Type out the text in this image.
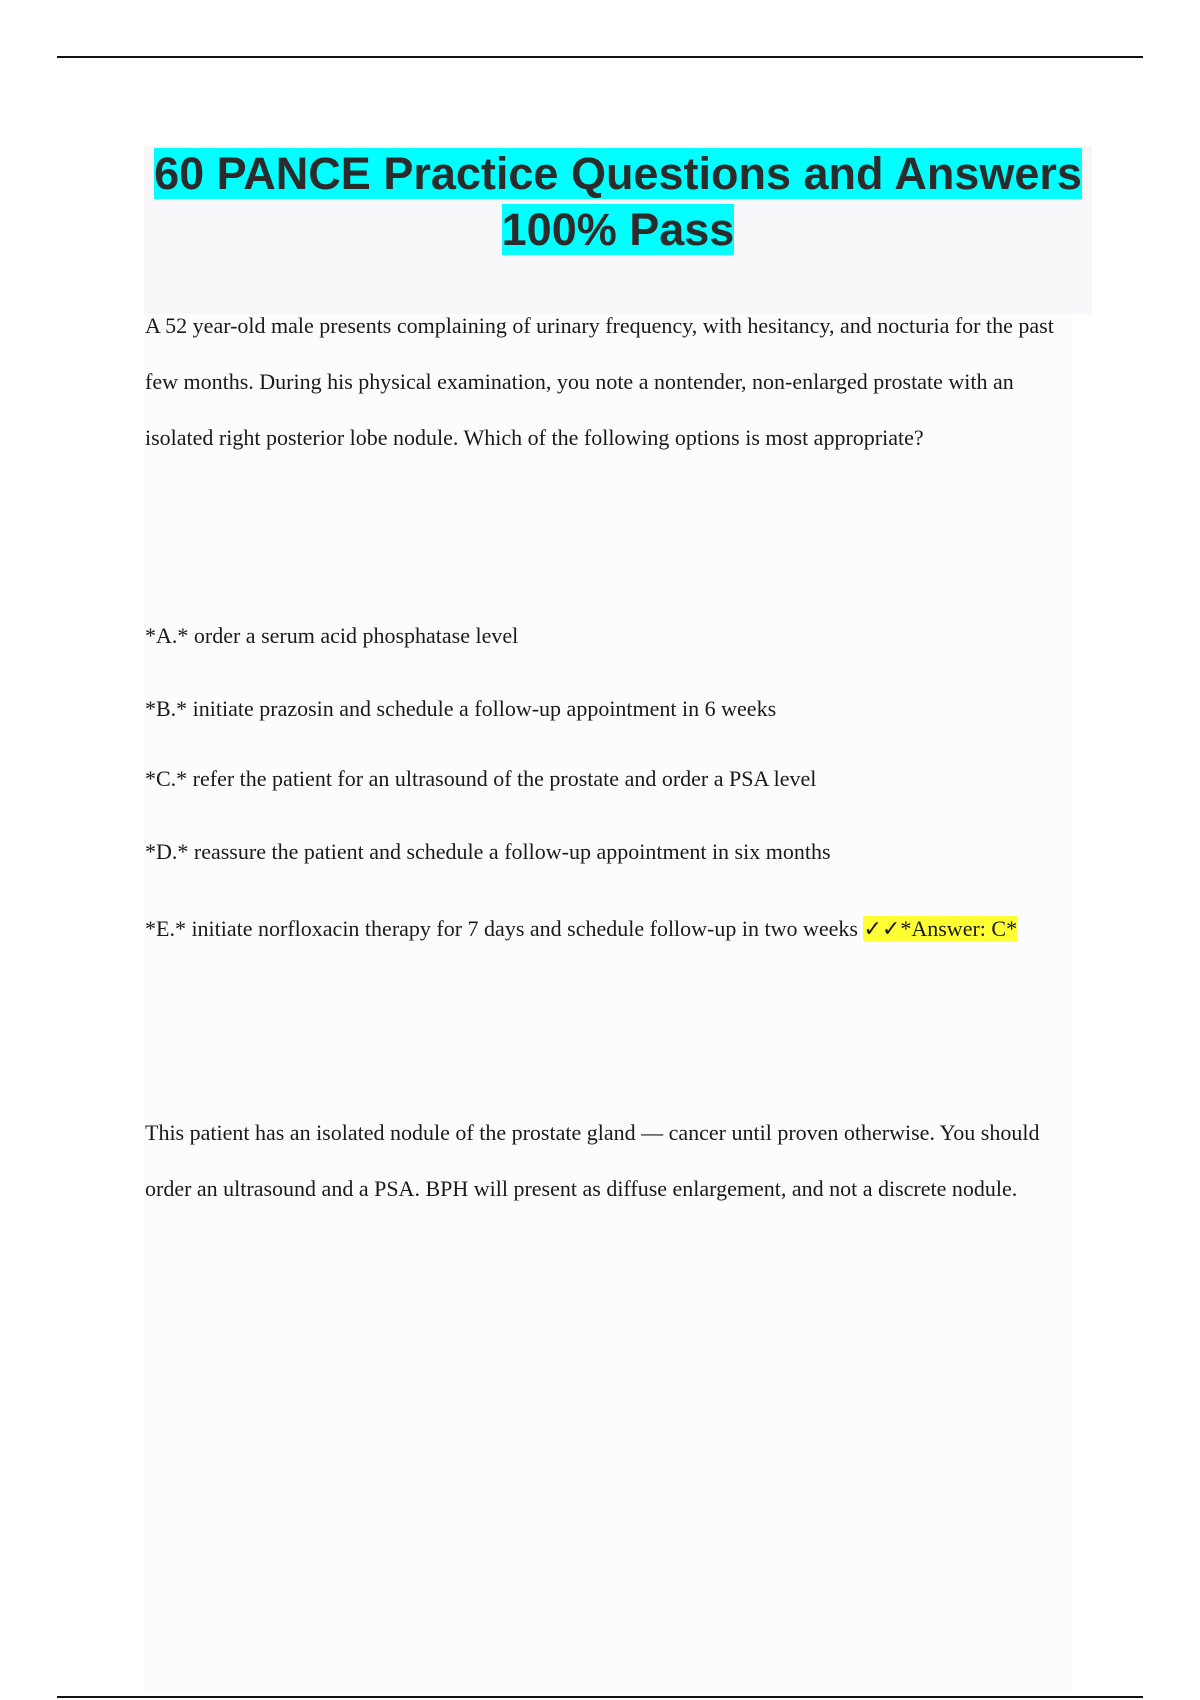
60 PANCE Practice Questions and Answers 100% Pass

A 52 year-old male presents complaining of urinary frequency, with hesitancy, and nocturia for the past few months. During his physical examination, you note a nontender, non-enlarged prostate with an isolated right posterior lobe nodule. Which of the following options is most appropriate?

*A.* order a serum acid phosphatase level

*B.* initiate prazosin and schedule a follow-up appointment in 6 weeks

*C.* refer the patient for an ultrasound of the prostate and order a PSA level

*D.* reassure the patient and schedule a follow-up appointment in six months

*E.* initiate norfloxacin therapy for 7 days and schedule follow-up in two weeks ✓✓*Answer: C*

This patient has an isolated nodule of the prostate gland — cancer until proven otherwise. You should order an ultrasound and a PSA. BPH will present as diffuse enlargement, and not a discrete nodule.
